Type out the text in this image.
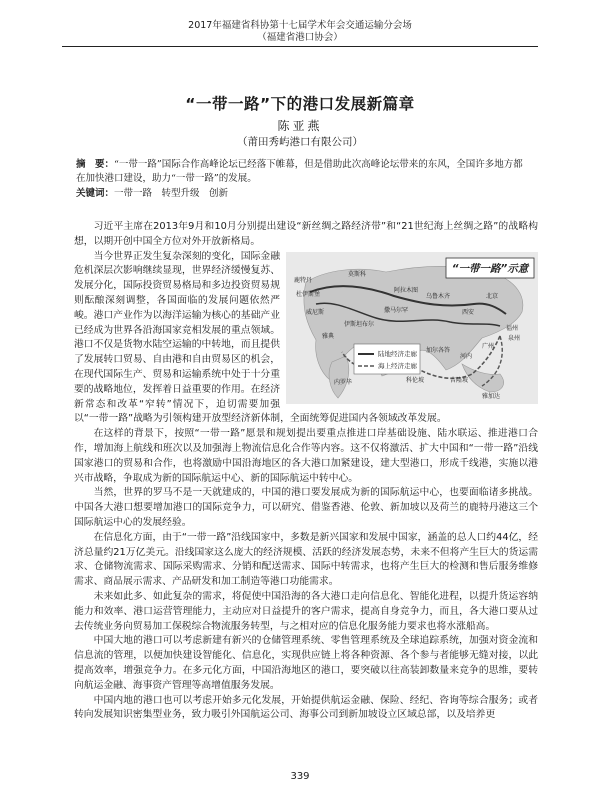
2017年福建省科协第十七届学术年会交通运输分会场
（福建省港口协会）
“一带一路”下的港口发展新篇章
陈亚燕
（莆田秀屿港口有限公司）
摘　要：“一带一路”国际合作高峰论坛已经落下帷幕，但是借助此次高峰论坛带来的东风，全国许多地方都在加快港口建设，助力“一带一路”的发展。
关键词：一带一路　转型升级　创新

习近平主席在2013年9月和10月分别提出建设“新丝绸之路经济带”和“21世纪海上丝绸之路”的战略构想，以期开创中国全方位对外开放新格局。

鹿特丹
莫斯科
杜伊斯堡
威尼斯
伊斯坦布尔
雅典
阿拉木图
撒马尔罕
乌鲁木齐
西安
北京
福州
泉州
广州
河内
加尔各答
科伦坡
内罗毕	吉隆坡
雅加达
“一带一路”示意
陆地经济走廊
海上经济走廊

当今世界正发生复杂深刻的变化，国际金融危机深层次影响继续显现，世界经济缓慢复苏、发展分化，国际投资贸易格局和多边投资贸易规则酝酿深刻调整，各国面临的发展问题依然严峻。港口产业作为以海洋运输为核心的基础产业已经成为世界各沿海国家竞相发展的重点领域。港口不仅是货物水陆空运输的中转地，而且提供了发展转口贸易、自由港和自由贸易区的机会，在现代国际生产、贸易和运输系统中处于十分重要的战略地位，发挥着日益重要的作用。在经济新常态和改革“窄转”情况下，迫切需要加强以“一带一路”战略为引领构建开放型经济新体制，全面统筹促进国内各领域改革发展。

在这样的背景下，按照“一带一路”愿景和规划提出要重点推进口岸基础设施、陆水联运、推进港口合作，增加海上航线和班次以及加强海上物流信息化合作等内容。这不仅将激活、扩大中国和“一带一路”沿线国家港口的贸易和合作，也将激励中国沿海地区的各大港口加紧建设，建大型港口，形成千线港，实施以港兴市战略，争取成为新的国际航运中心、新的国际航运中转中心。

当然，世界的罗马不是一天就建成的，中国的港口要发展成为新的国际航运中心，也要面临诸多挑战。中国各大港口想要增加港口的国际竞争力，可以研究、借鉴香港、伦敦、新加坡以及荷兰的鹿特丹港这三个国际航运中心的发展经验。

在信息化方面，由于“一带一路”沿线国家中，多数是新兴国家和发展中国家，涵盖的总人口约44亿，经济总量约21万亿美元。沿线国家这么庞大的经济规模、活跃的经济发展态势，未来不但将产生巨大的货运需求、仓储物流需求、国际采购需求、分销和配送需求、国际中转需求，也将产生巨大的检测和售后服务维修需求、商品展示需求、产品研发和加工制造等港口功能需求。

未来如此多、如此复杂的需求，将促使中国沿海的各大港口走向信息化、智能化进程，以提升货运容纳能力和效率、港口运营管理能力，主动应对日益提升的客户需求，提高自身竞争力，而且，各大港口要从过去传统业务向贸易加工保税综合物流服务转型，与之相对应的信息化服务能力要求也将水涨船高。

中国大地的港口可以考虑新建有新兴的仓储管理系统、零售管理系统及全球追踪系统，加强对资金流和信息流的管理，以便加快建设智能化、信息化，实现供应链上将各种资源、各个参与者能够无缝对接，以此提高效率，增强竞争力。在多元化方面，中国沿海地区的港口，要突破以往高装卸数量来竞争的思维，要转向航运金融、海事资产管理等高增值服务发展。

中国内地的港口也可以考虑开始多元化发展，开始提供航运金融、保险、经纪、咨询等综合服务；或者转向发展知识密集型业务，致力吸引外国航运公司、海事公司到新加坡设立区域总部，以及培养更

339
